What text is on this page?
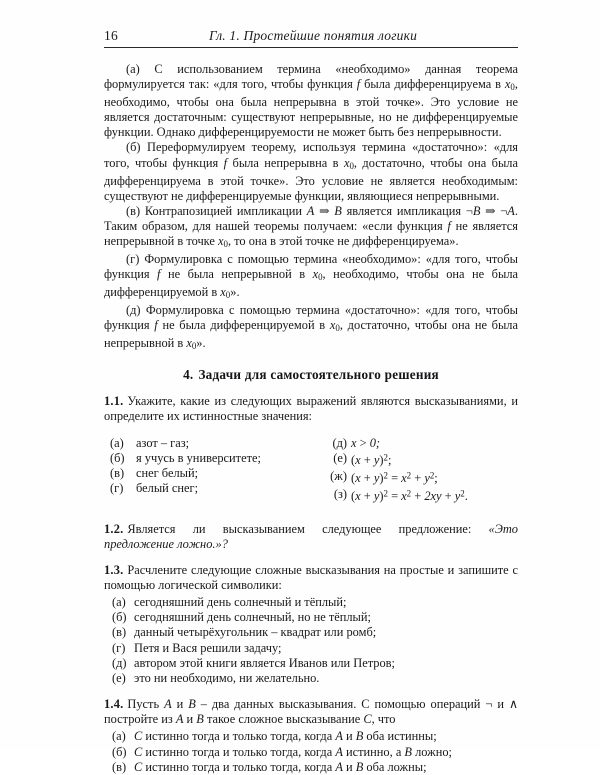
16	Гл. 1. Простейшие понятия логики

(а) С использованием термина «необходимо» данная теорема формулируется так: «для того, чтобы функция f была дифференцируема в $x_0$, необходимо, чтобы она была непрерывна в этой точке». Это условие не является достаточным: существуют непрерывные, но не дифференцируемые функции. Однако дифференцируемости не может быть без непрерывности.

(б) Переформулируем теорему, используя термина «достаточно»: «для того, чтобы функция f была непрерывна в $x_0$, достаточно, чтобы она была дифференцируема в этой точке». Это условие не является необходимым: существуют не дифференцируемые функции, являющиеся непрерывными.

(в) Контрапозицией импликации A ⇒ B является импликация ¬B ⇒ ¬A. Таким образом, для нашей теоремы получаем: «если функция f не является непрерывной в точке $x_0$, то она в этой точке не дифференцируема».

(г) Формулировка с помощью термина «необходимо»: «для того, чтобы функция f не была непрерывной в $x_0$, необходимо, чтобы она не была дифференцируемой в $x_0$».

(д) Формулировка с помощью термина «достаточно»: «для того, чтобы функция f не была дифференцируемой в $x_0$, достаточно, чтобы она не была непрерывной в $x_0$».

4. Задачи для самостоятельного решения

1.1. Укажите, какие из следующих выражений являются высказываниями, и определите их истинностные значения:

(а) азот – газ;
(б) я учусь в университете;
(в) снег белый;
(г)	белый снег;
(д) x > 0;
(е) $(x + y)^2$;
(ж) $(x + y)^2 = x^2 + y^2$;
(з) $(x + y)^2 = x^2 + 2xy + y^2$.

1.2. Является ли высказыванием следующее предложение: «Это предложение ложно.»?

1.3. Расчлените следующие сложные высказывания на простые и запишите с помощью логической символики:

(а) сегодняшний день солнечный и тёплый;
(б) сегодняшний день солнечный, но не тёплый;
(в) данный четырёхугольник – квадрат или ромб;
(г) Петя и Вася решили задачу;
(д) автором этой книги является Иванов или Петров;
(е) это ни необходимо, ни желательно.

1.4. Пусть A и B – два данных высказывания. С помощью операций ¬ и ∧ постройте из A и B такое сложное высказывание C, что

(а) C истинно тогда и только тогда, когда A и B оба истинны;
(б) C истинно тогда и только тогда, когда A истинно, а B ложно;
(в) C истинно тогда и только тогда, когда A и B оба ложны;
